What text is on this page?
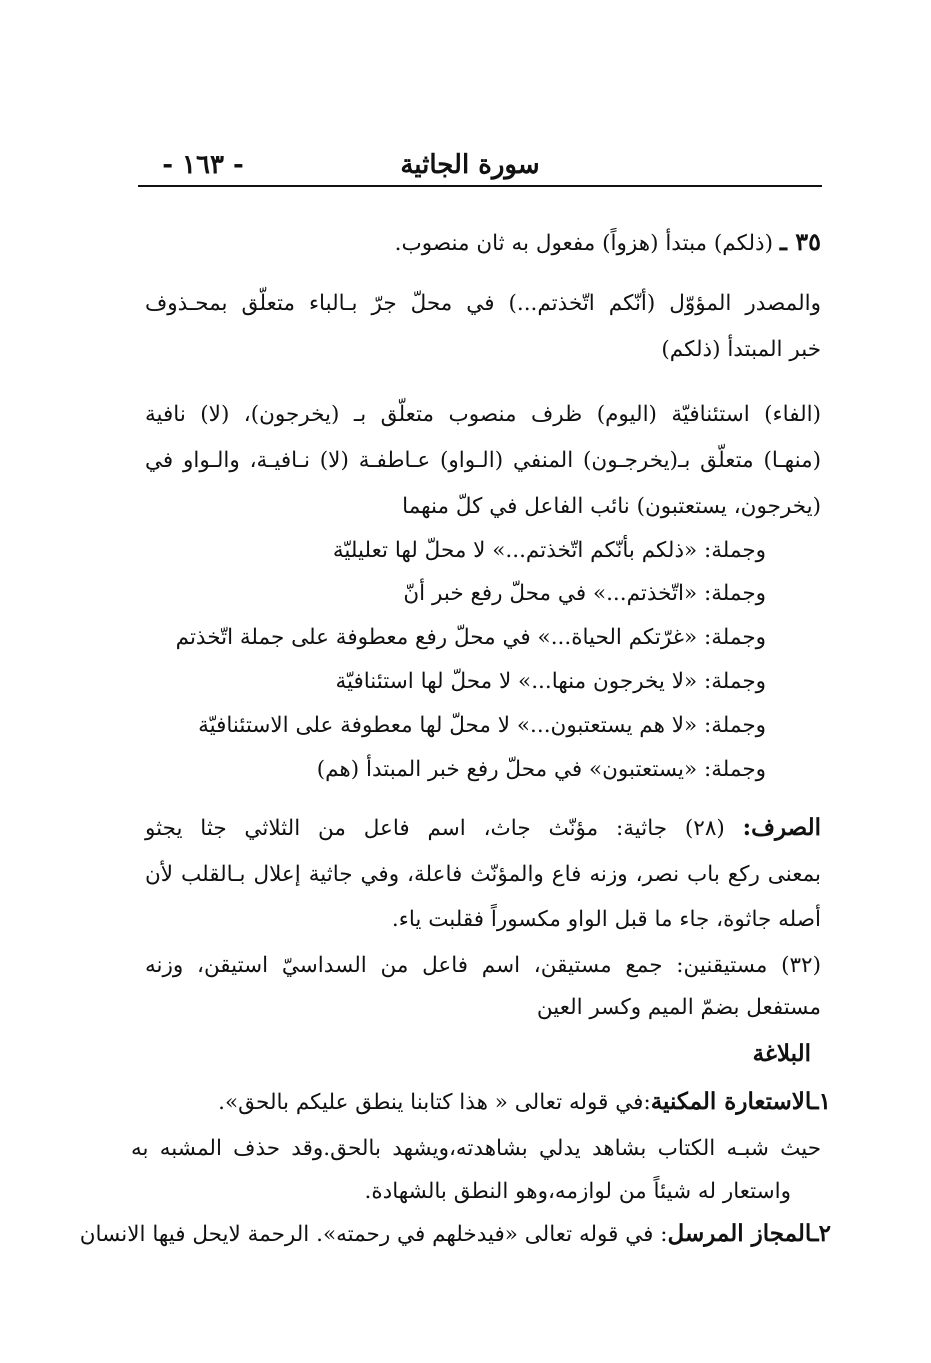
سورة الجاثية
- ١٦٣ -
٣٥ ـ (ذلكم) مبتدأ (هزواً) مفعول به ثان منصوب.
والمصدر المؤوّل (أنّكم اتّخذتم...) في محلّ جرّ بـالباء متعلّق بمحـذوف
خبر المبتدأ (ذلكم)
(الفاء) استئنافيّة (اليوم) ظرف منصوب متعلّق بـ (يخرجون)، (لا) نافية
(منهـا) متعلّق بـ(يخرجـون) المنفي (الـواو) عـاطفـة (لا) نـافيـة، والـواو في
(يخرجون، يستعتبون) نائب الفاعل في كلّ منهما
وجملة: «ذلكم بأنّكم اتّخذتم...» لا محلّ لها تعليليّة
وجملة: «اتّخذتم...» في محلّ رفع خبر أنّ
وجملة: «غرّتكم الحياة...» في محلّ رفع معطوفة على جملة اتّخذتم
وجملة: «لا يخرجون منها...» لا محلّ لها استئنافيّة
وجملة: «لا هم يستعتبون...» لا محلّ لها معطوفة على الاستئنافيّة
وجملة: «يستعتبون» في محلّ رفع خبر المبتدأ (هم)
الصرف: (٢٨) جاثية: مؤنّث جاث، اسم فاعل من الثلاثي جثا يجثو
بمعنى ركع باب نصر، وزنه فاع والمؤنّث فاعلة، وفي جاثية إعلال بـالقلب لأن
أصله جاثوة، جاء ما قبل الواو مكسوراً فقلبت ياء.
(٣٢) مستيقنين: جمع مستيقن، اسم فاعل من السداسيّ استيقن، وزنه
مستفعل بضمّ الميم وكسر العين
البلاغة
١ـالاستعارة المكنية:في قوله تعالى « هذا كتابنا ينطق عليكم بالحق».
حيث شبـه الكتاب بشاهد يدلي بشاهدته،ويشهد بالحق.وقد حذف المشبه به
واستعار له شيئاً من لوازمه،وهو النطق بالشهادة.
٢ـالمجاز المرسل: في قوله تعالى «فيدخلهم في رحمته». الرحمة لايحل فيها الانسان
